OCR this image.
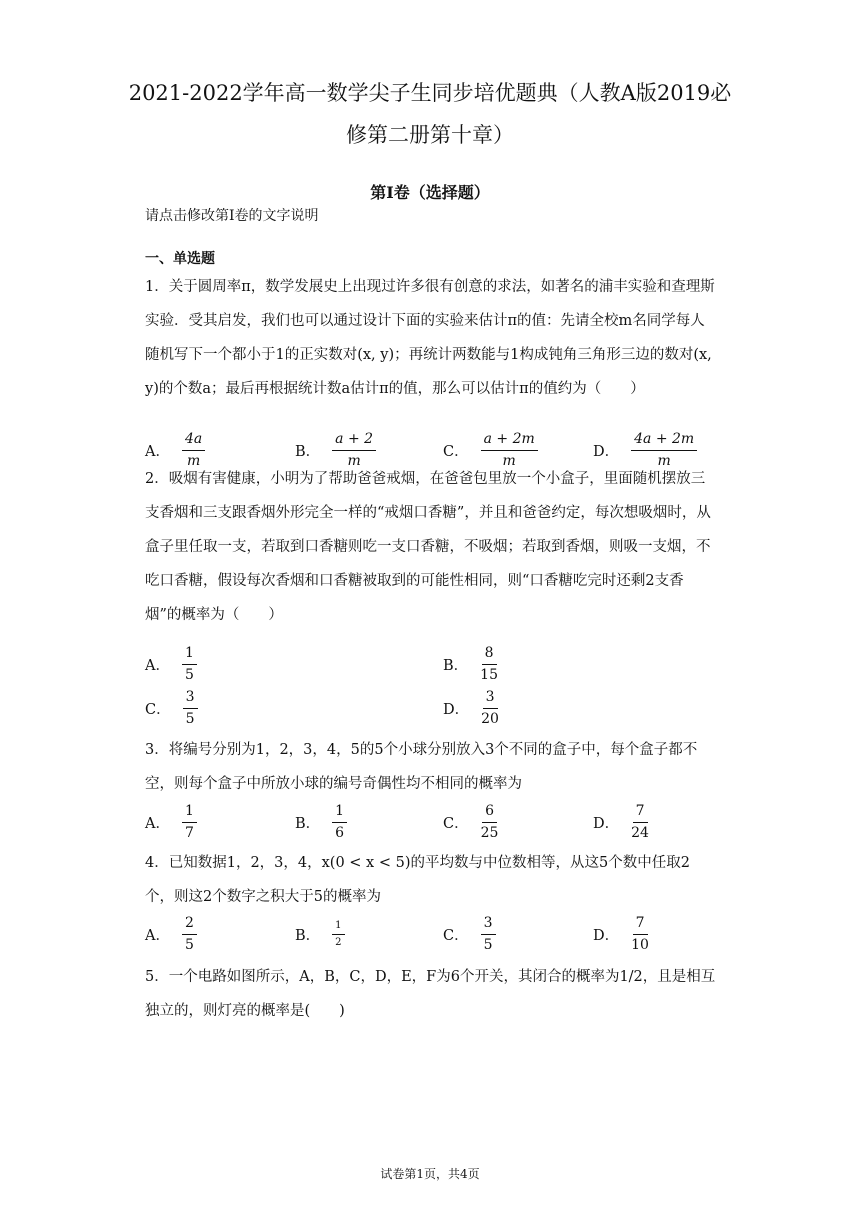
2021-2022学年高一数学尖子生同步培优题典（人教A版2019必
修第二册第十章）
第I卷（选择题）
请点击修改第I卷的文字说明
一、单选题
1．关于圆周率π，数学发展史上出现过许多很有创意的求法，如著名的浦丰实验和查理斯实验．受其启发，我们也可以通过设计下面的实验来估计π的值：先请全校m名同学每人随机写下一个都小于1的正实数对(x, y)；再统计两数能与1构成钝角三角形三边的数对(x, y)的个数a；最后再根据统计数a估计π的值，那么可以估计π的值约为（　　）
A． $\frac{4a}{m}$	B． $\frac{a + 2}{m}$	C． $\frac{a + 2m}{m}$	D． $\frac{4a + 2m}{m}$
2．吸烟有害健康，小明为了帮助爸爸戒烟，在爸爸包里放一个小盒子，里面随机摆放三支香烟和三支跟香烟外形完全一样的“戒烟口香糖”，并且和爸爸约定，每次想吸烟时，从盒子里任取一支，若取到口香糖则吃一支口香糖，不吸烟；若取到香烟，则吸一支烟，不吃口香糖，假设每次香烟和口香糖被取到的可能性相同，则“口香糖吃完时还剩2支香烟”的概率为（　　）
A． $\frac{1}{5}$	B． $\frac{8}{15}$
C． $\frac{3}{5}$	D． $\frac{3}{20}$
3．将编号分别为1，2，3，4，5的5个小球分别放入3个不同的盒子中，每个盒子都不空，则每个盒子中所放小球的编号奇偶性均不相同的概率为
A． $\frac{1}{7}$	B． $\frac{1}{6}$	C． $\frac{6}{25}$	D． $\frac{7}{24}$
4．已知数据1，2，3，4，x(0 < x < 5)的平均数与中位数相等，从这5个数中任取2个，则这2个数字之积大于5的概率为
A． $\frac{2}{5}$	B． $\frac{1}{2}$	C． $\frac{3}{5}$	D． $\frac{7}{10}$
5．一个电路如图所示，A，B，C，D，E，F为6个开关，其闭合的概率为1/2，且是相互独立的，则灯亮的概率是(　　)
试卷第1页，共4页
